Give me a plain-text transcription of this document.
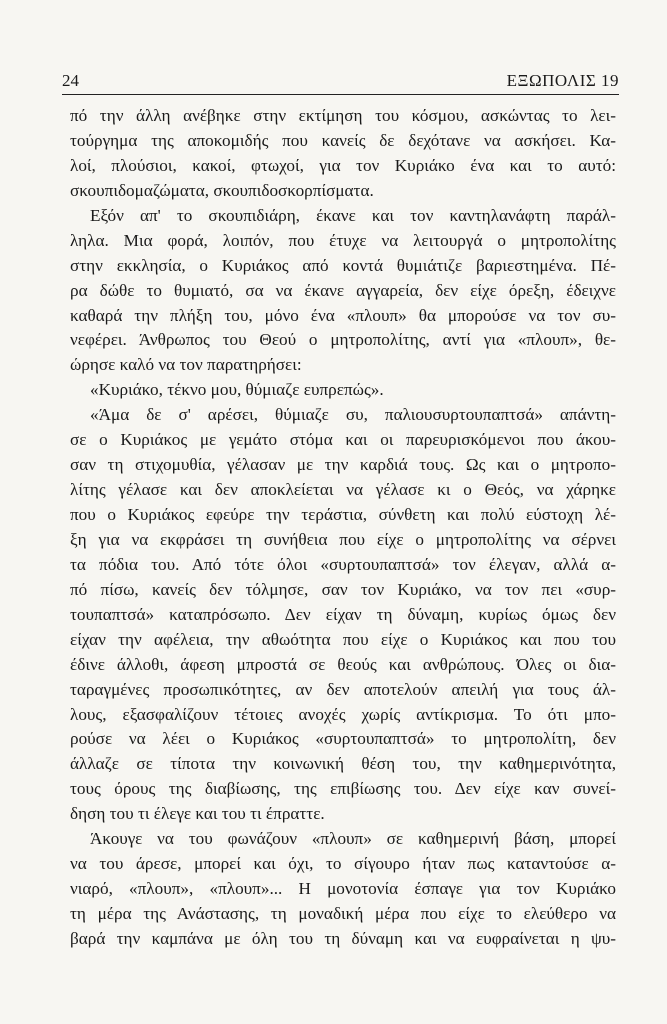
24	ΕΞΩΠΟΛΙΣ 19
πό την άλλη ανέβηκε στην εκτίμηση του κόσμου, ασκώντας το λει-
τούργημα της αποκομιδής που κανείς δε δεχότανε να ασκήσει. Κα-
λοί, πλούσιοι, κακοί, φτωχοί, για τον Κυριάκο ένα και το αυτό:
σκουπιδομαζώματα, σκουπιδοσκορπίσματα.
Εξόν απ' το σκουπιδιάρη, έκανε και τον καντηλανάφτη παράλ-
ληλα. Μια φορά, λοιπόν, που έτυχε να λειτουργά ο μητροπολίτης
στην εκκλησία, ο Κυριάκος από κοντά θυμιάτιζε βαριεστημένα. Πέ-
ρα δώθε το θυμιατό, σα να έκανε αγγαρεία, δεν είχε όρεξη, έδειχνε
καθαρά την πλήξη του, μόνο ένα «πλουπ» θα μπορούσε να τον συ-
νεφέρει. Άνθρωπος του Θεού ο μητροπολίτης, αντί για «πλουπ», θε-
ώρησε καλό να τον παρατηρήσει:
«Κυριάκο, τέκνο μου, θύμιαζε ευπρεπώς».
«Άμα δε σ' αρέσει, θύμιαζε συ, παλιουσυρτουπαπτσά» απάντη-
σε ο Κυριάκος με γεμάτο στόμα και οι παρευρισκόμενοι που άκου-
σαν τη στιχομυθία, γέλασαν με την καρδιά τους. Ως και ο μητροπο-
λίτης γέλασε και δεν αποκλείεται να γέλασε κι ο Θεός, να χάρηκε
που ο Κυριάκος εφεύρε την τεράστια, σύνθετη και πολύ εύστοχη λέ-
ξη για να εκφράσει τη συνήθεια που είχε ο μητροπολίτης να σέρνει
τα πόδια του. Από τότε όλοι «συρτουπαπτσά» τον έλεγαν, αλλά α-
πό πίσω, κανείς δεν τόλμησε, σαν τον Κυριάκο, να τον πει «συρ-
τουπαπτσά» καταπρόσωπο. Δεν είχαν τη δύναμη, κυρίως όμως δεν
είχαν την αφέλεια, την αθωότητα που είχε ο Κυριάκος και που του
έδινε άλλοθι, άφεση μπροστά σε θεούς και ανθρώπους. Όλες οι δια-
ταραγμένες προσωπικότητες, αν δεν αποτελούν απειλή για τους άλ-
λους, εξασφαλίζουν τέτοιες ανοχές χωρίς αντίκρισμα. Το ότι μπο-
ρούσε να λέει ο Κυριάκος «συρτουπαπτσά» το μητροπολίτη, δεν
άλλαζε σε τίποτα την κοινωνική θέση του, την καθημερινότητα,
τους όρους της διαβίωσης, της επιβίωσης του. Δεν είχε καν συνεί-
δηση του τι έλεγε και του τι έπραττε.
Άκουγε να του φωνάζουν «πλουπ» σε καθημερινή βάση, μπορεί
να του άρεσε, μπορεί και όχι, το σίγουρο ήταν πως καταντούσε α-
νιαρό, «πλουπ», «πλουπ»... Η μονοτονία έσπαγε για τον Κυριάκο
τη μέρα της Ανάστασης, τη μοναδική μέρα που είχε το ελεύθερο να
βαρά την καμπάνα με όλη του τη δύναμη και να ευφραίνεται η ψυ-
